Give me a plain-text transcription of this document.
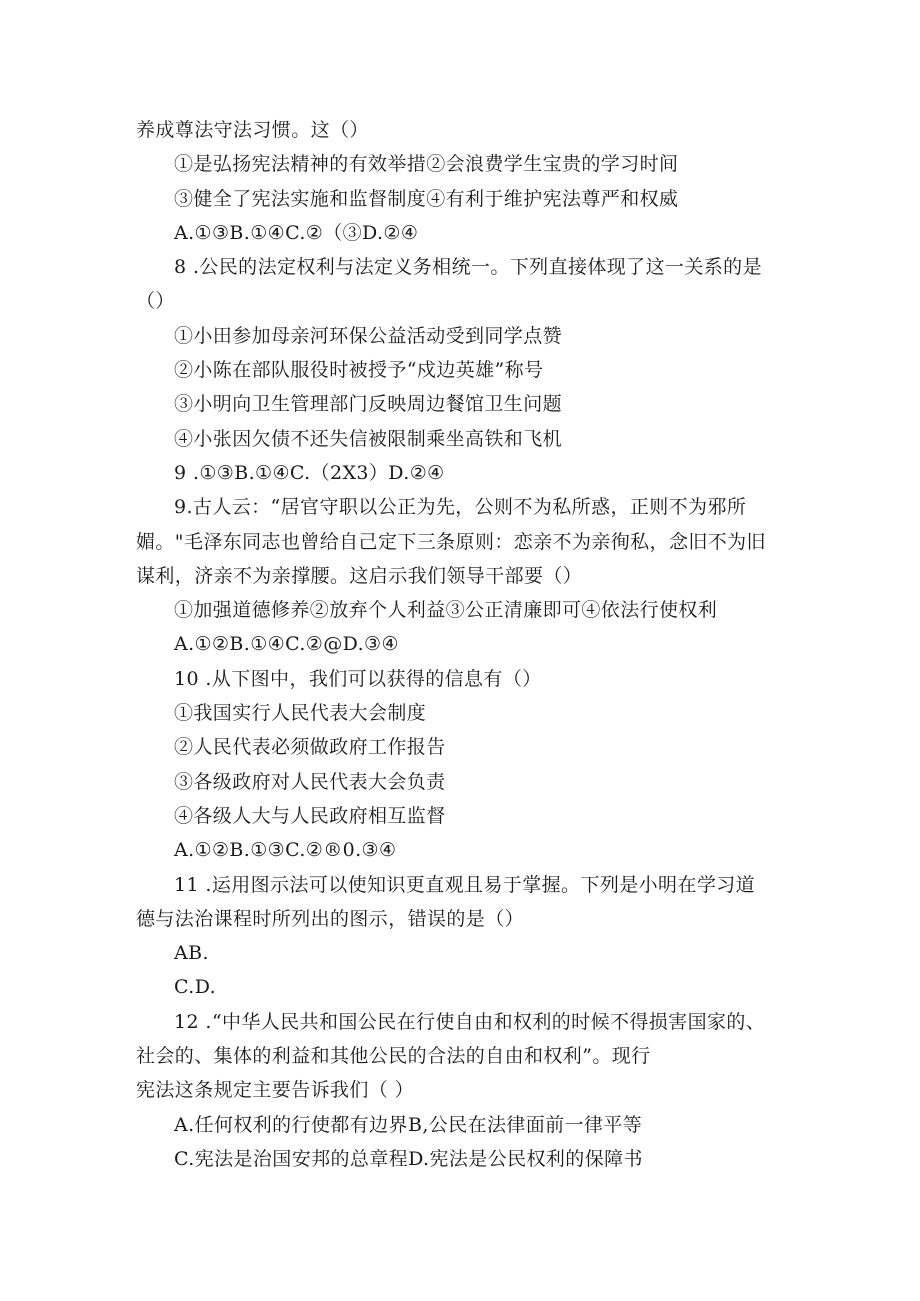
养成尊法守法习惯。这（）
①是弘扬宪法精神的有效举措②会浪费学生宝贵的学习时间
③健全了宪法实施和监督制度④有利于维护宪法尊严和权威
A.①③B.①④C.②（③D.②④
8 .公民的法定权利与法定义务相统一。下列直接体现了这一关系的是
（）
①小田参加母亲河环保公益活动受到同学点赞
②小陈在部队服役时被授予“戍边英雄”称号
③小明向卫生管理部门反映周边餐馆卫生问题
④小张因欠债不还失信被限制乘坐高铁和飞机
9 .①③B.①④C.（2X3）D.②④
9.古人云：“居官守职以公正为先，公则不为私所惑，正则不为邪所
媚。"毛泽东同志也曾给自己定下三条原则：恋亲不为亲徇私，念旧不为旧
谋利，济亲不为亲撑腰。这启示我们领导干部要（）
①加强道德修养②放弃个人利益③公正清廉即可④依法行使权利
A.①②B.①④C.②@D.③④
10 .从下图中，我们可以获得的信息有（）
①我国实行人民代表大会制度
②人民代表必须做政府工作报告
③各级政府对人民代表大会负责
④各级人大与人民政府相互监督
A.①②B.①③C.②®0.③④
11 .运用图示法可以使知识更直观且易于掌握。下列是小明在学习道
德与法治课程时所列出的图示，错误的是（）
AB.
C.D.
12 .“中华人民共和国公民在行使自由和权利的时候不得损害国家的、
社会的、集体的利益和其他公民的合法的自由和权利”。现行
宪法这条规定主要告诉我们（ ）
A.任何权利的行使都有边界B,公民在法律面前一律平等
C.宪法是治国安邦的总章程D.宪法是公民权利的保障书
